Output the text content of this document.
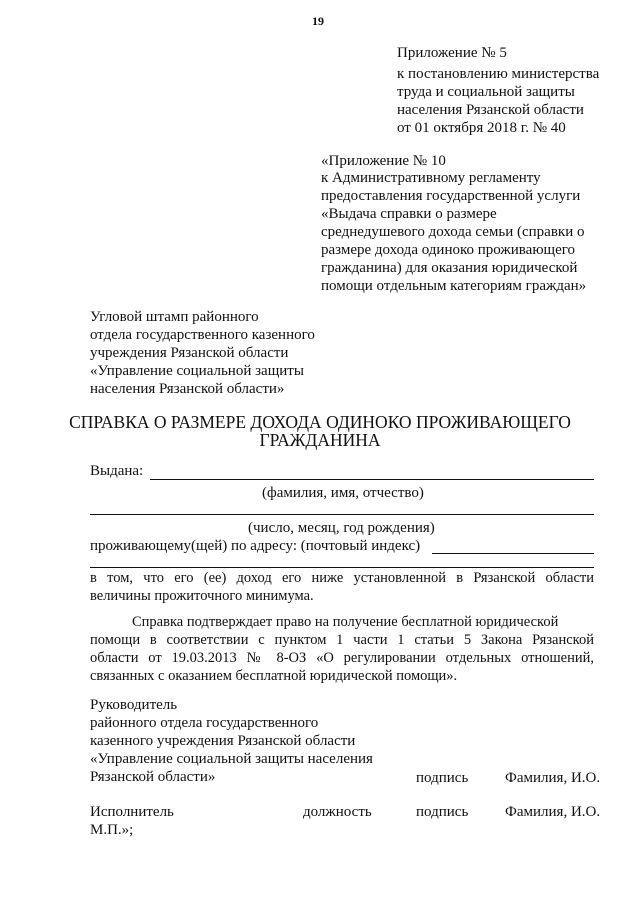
19
Приложение № 5
к постановлению министерства
труда и социальной защиты
населения Рязанской области
от 01 октября 2018 г. № 40
«Приложение № 10
к Административному регламенту
предоставления государственной услуги
«Выдача справки о размере
среднедушевого дохода семьи (справки о
размере дохода одиноко проживающего
гражданина) для оказания юридической
помощи отдельным категориям граждан»
Угловой штамп районного
отдела государственного казенного
учреждения Рязанской области
«Управление социальной защиты
населения Рязанской области»
СПРАВКА О РАЗМЕРЕ ДОХОДА ОДИНОКО ПРОЖИВАЮЩЕГО
ГРАЖДАНИНА
Выдана:
(фамилия, имя, отчество)
(число, месяц, год рождения)
проживающему(щей) по адресу: (почтовый индекс)
в том, что его (ее) доход его ниже установленной в Рязанской области
величины прожиточного минимума.
Справка подтверждает право на получение бесплатной юридической
помощи в соответствии с пунктом 1 части 1 статьи 5 Закона Рязанской
области от 19.03.2013 № 8-ОЗ «О регулировании отдельных отношений,
связанных с оказанием бесплатной юридической помощи».
Руководитель
районного отдела государственного
казенного учреждения Рязанской области
«Управление социальной защиты населения
Рязанской области»	подпись Фамилия, И.О.
Исполнитель	должность	подпись Фамилия, И.О.
М.П.»;
